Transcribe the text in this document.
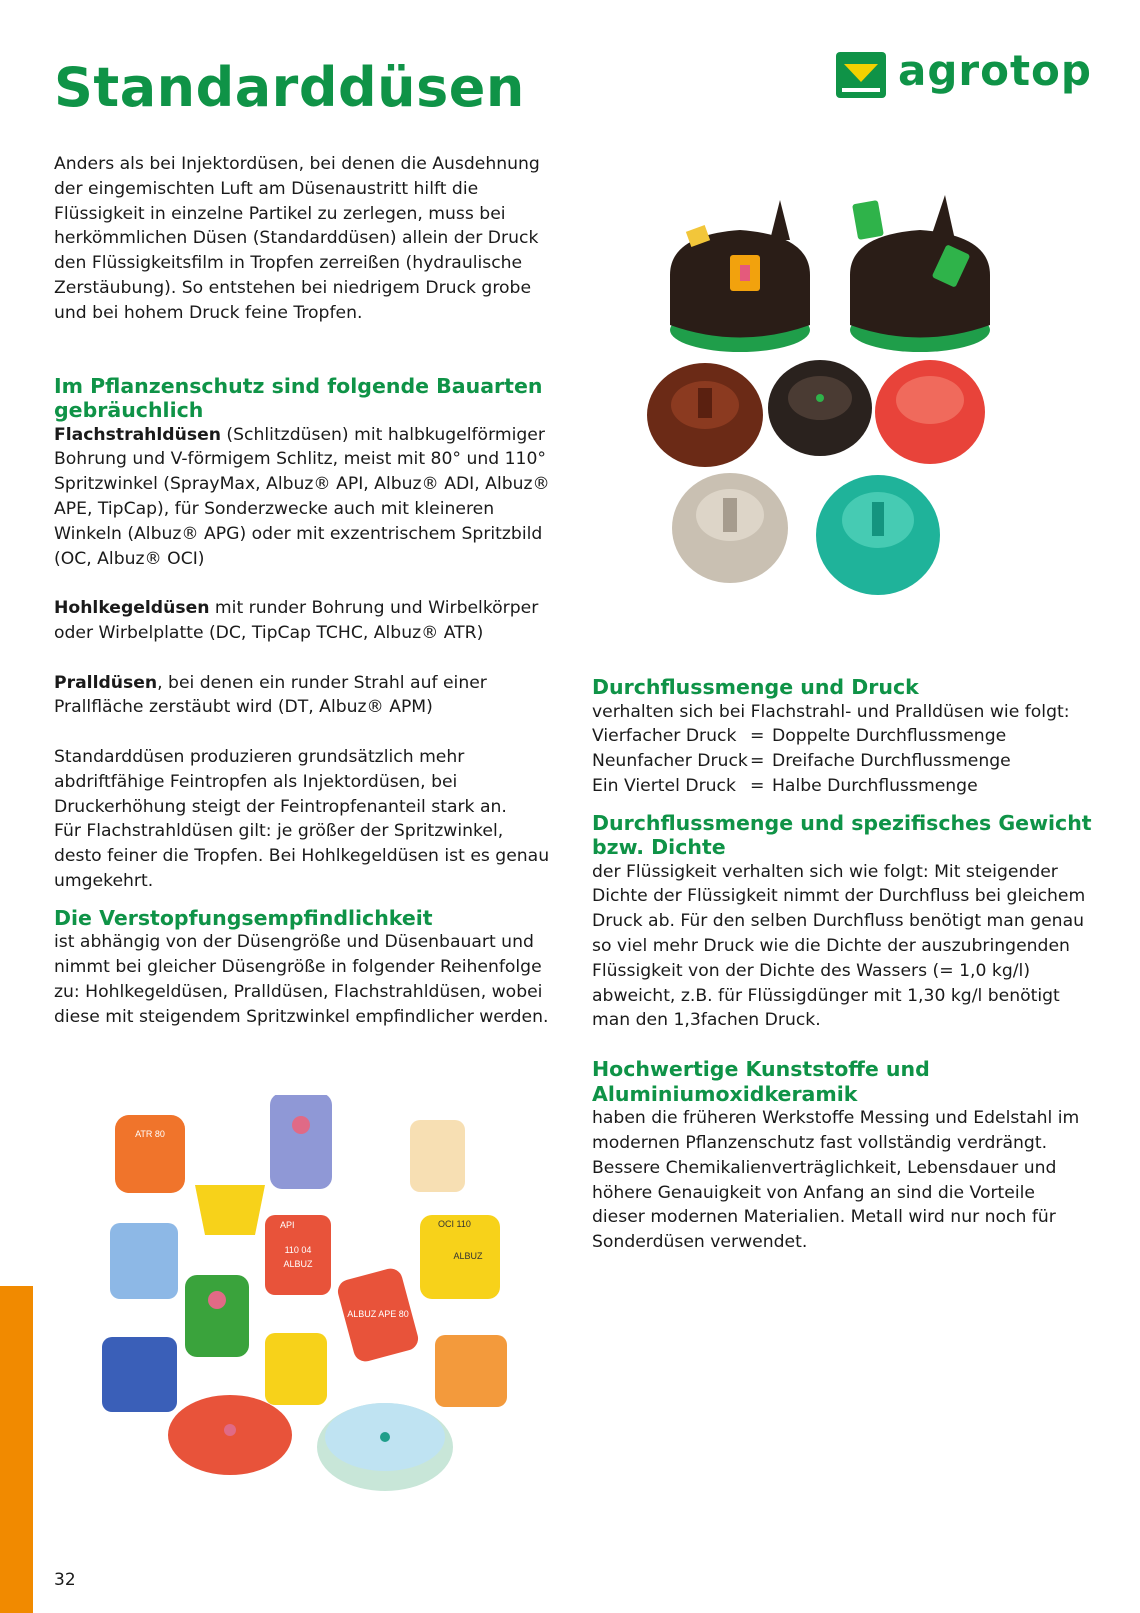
Standarddüsen	agrotop

Anders als bei Injektordüsen, bei denen die Ausdehnung der eingemischten Luft am Düsenaustritt hilft die Flüssigkeit in einzelne Partikel zu zerlegen, muss bei herkömmlichen Düsen (Standarddüsen) allein der Druck den Flüssigkeitsfilm in Tropfen zerreißen (hydraulische Zerstäubung). So entstehen bei niedrigem Druck grobe und bei hohem Druck feine Tropfen.

Im Pflanzenschutz sind folgende Bauarten gebräuchlich

Flachstrahldüsen (Schlitzdüsen) mit halbkugelförmiger Bohrung und V-förmigem Schlitz, meist mit 80° und 110° Spritzwinkel (SprayMax, Albuz® API, Albuz® ADI, Albuz® APE, TipCap), für Sonderzwecke auch mit kleineren Winkeln (Albuz® APG) oder mit exzentrischem Spritzbild (OC, Albuz® OCI)

Hohlkegeldüsen mit runder Bohrung und Wirbelkörper oder Wirbelplatte (DC, TipCap TCHC, Albuz® ATR)

Pralldüsen, bei denen ein runder Strahl auf einer Prallfläche zerstäubt wird (DT, Albuz® APM)

Standarddüsen produzieren grundsätzlich mehr abdriftfähige Feintropfen als Injektordüsen, bei Druckerhöhung steigt der Feintropfenanteil stark an.

Für Flachstrahldüsen gilt: je größer der Spritzwinkel, desto feiner die Tropfen. Bei Hohlkegeldüsen ist es genau umgekehrt.

Die Verstopfungsempfindlichkeit

ist abhängig von der Düsengröße und Düsenbauart und nimmt bei gleicher Düsengröße in folgender Reihenfolge zu: Hohlkegeldüsen, Pralldüsen, Flachstrahldüsen, wobei diese mit steigendem Spritzwinkel empfindlicher werden.

Durchflussmenge und Druck

verhalten sich bei Flachstrahl- und Pralldüsen wie folgt:

Vierfacher Druck = Doppelte Durchflussmenge
Neunfacher Druck = Dreifache Durchflussmenge
Ein Viertel Druck = Halbe Durchflussmenge

Durchflussmenge und spezifisches Gewicht bzw. Dichte

der Flüssigkeit verhalten sich wie folgt: Mit steigender Dichte der Flüssigkeit nimmt der Durchfluss bei gleichem Druck ab. Für den selben Durchfluss benötigt man genau so viel mehr Druck wie die Dichte der auszubringenden Flüssigkeit von der Dichte des Wassers (= 1,0 kg/l) abweicht, z.B. für Flüssigdünger mit 1,30 kg/l benötigt man den 1,3fachen Druck.

Hochwertige Kunststoffe und Aluminiumoxidkeramik

haben die früheren Werkstoffe Messing und Edelstahl im modernen Pflanzenschutz fast vollständig verdrängt. Bessere Chemikalienverträglichkeit, Lebensdauer und höhere Genauigkeit von Anfang an sind die Vorteile dieser modernen Materialien. Metall wird nur noch für Sonderdüsen verwendet.

ATR 80
API
110 04
ALBUZ
OCI 110
ALBUZ
ALBUZ APE 80
32
